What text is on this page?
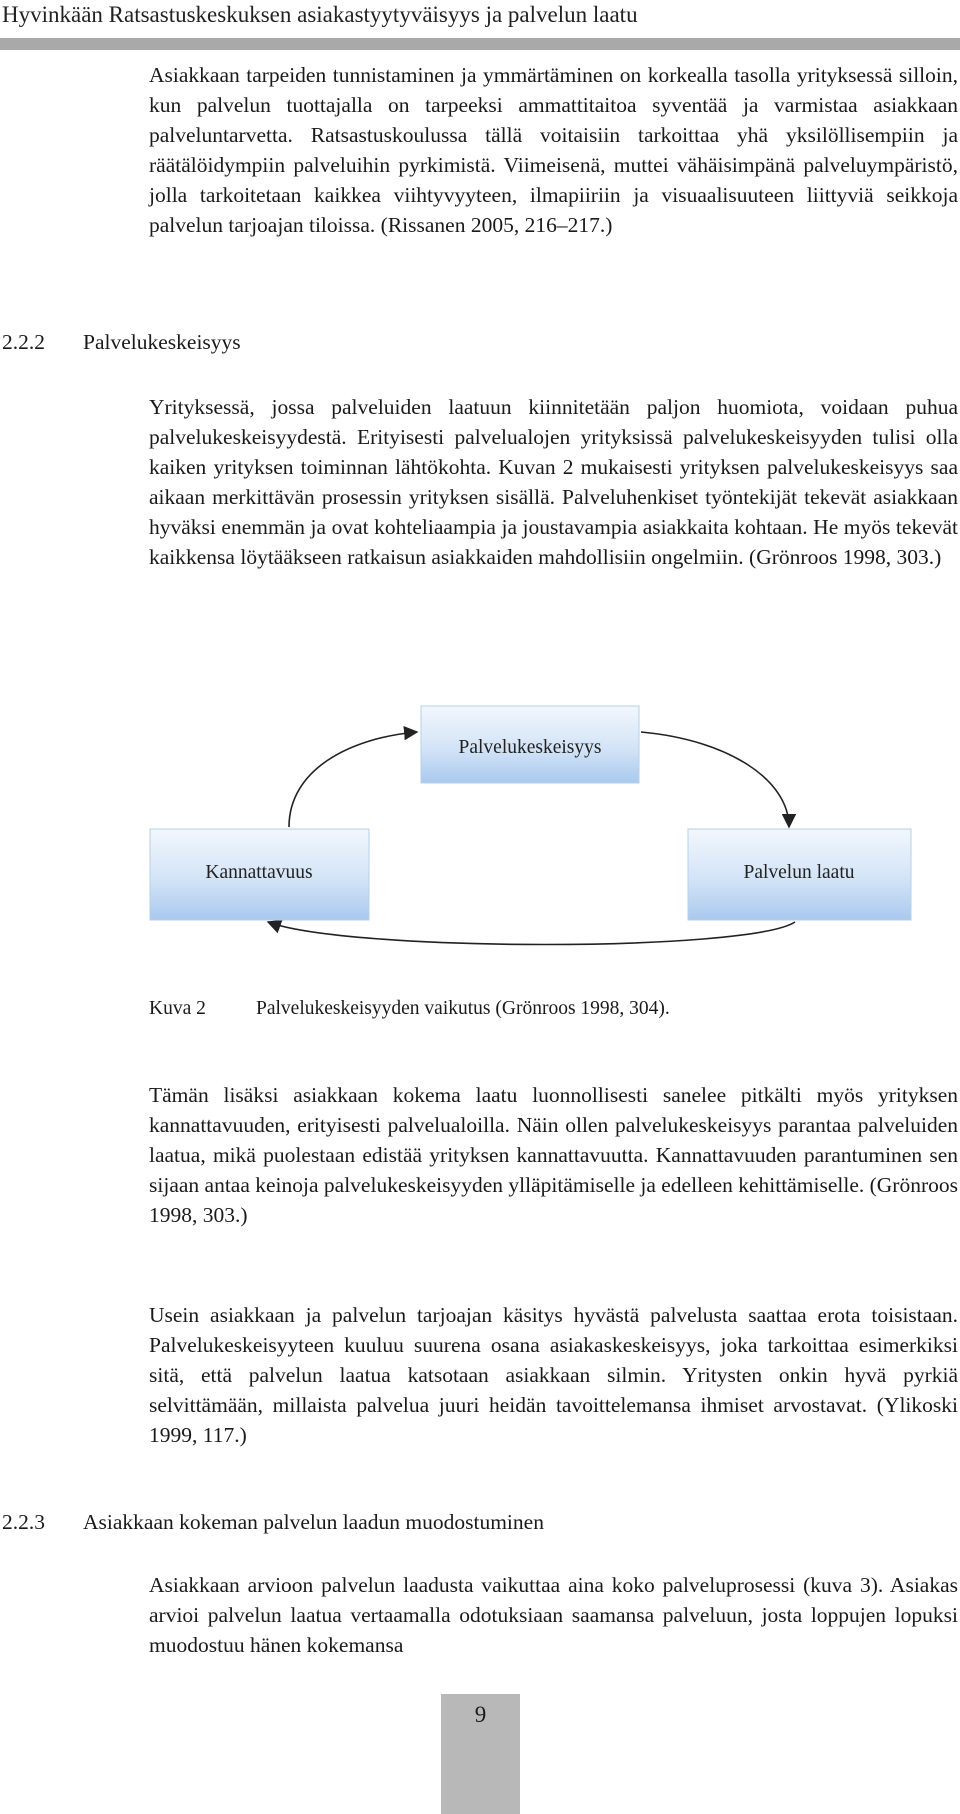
Hyvinkään Ratsastuskeskuksen asiakastyytyväisyys ja palvelun laatu

Asiakkaan tarpeiden tunnistaminen ja ymmärtäminen on korkealla tasolla yrityksessä silloin, kun palvelun tuottajalla on tarpeeksi ammattitaitoa syventää ja varmistaa asiakkaan palveluntarvetta. Ratsastuskoulussa tällä voitaisiin tarkoittaa yhä yksilöllisempiin ja räätälöidympiin palveluihin pyrkimistä. Viimeisenä, muttei vähäisimpänä palveluympäristö, jolla tarkoitetaan kaikkea viihtyvyyteen, ilmapiiriin ja visuaalisuuteen liittyviä seikkoja palvelun tarjoajan tiloissa. (Rissanen 2005, 216–217.)

2.2.2 Palvelukeskeisyys

Yrityksessä, jossa palveluiden laatuun kiinnitetään paljon huomiota, voidaan puhua palvelukeskeisyydestä. Erityisesti palvelualojen yrityksissä palvelukeskeisyyden tulisi olla kaiken yrityksen toiminnan lähtökohta. Kuvan 2 mukaisesti yrityksen palvelukeskeisyys saa aikaan merkittävän prosessin yrityksen sisällä. Palveluhenkiset työntekijät tekevät asiakkaan hyväksi enemmän ja ovat kohteliaampia ja joustavampia asiakkaita kohtaan. He myös tekevät kaikkensa löytääkseen ratkaisun asiakkaiden mahdollisiin ongelmiin. (Grönroos 1998, 303.)

Palvelukeskeisyys
Kannattavuus	Palvelun laatu
Kuva 2	Palvelukeskeisyyden vaikutus (Grönroos 1998, 304).

Tämän lisäksi asiakkaan kokema laatu luonnollisesti sanelee pitkälti myös yrityksen kannattavuuden, erityisesti palvelualoilla. Näin ollen palvelukeskeisyys parantaa palveluiden laatua, mikä puolestaan edistää yrityksen kannattavuutta. Kannattavuuden parantuminen sen sijaan antaa keinoja palvelukeskeisyyden ylläpitämiselle ja edelleen kehittämiselle. (Grönroos 1998, 303.)

Usein asiakkaan ja palvelun tarjoajan käsitys hyvästä palvelusta saattaa erota toisistaan. Palvelukeskeisyyteen kuuluu suurena osana asiakaskeskeisyys, joka tarkoittaa esimerkiksi sitä, että palvelun laatua katsotaan asiakkaan silmin. Yritysten onkin hyvä pyrkiä selvittämään, millaista palvelua juuri heidän tavoittelemansa ihmiset arvostavat. (Ylikoski 1999, 117.)

2.2.3 Asiakkaan kokeman palvelun laadun muodostuminen

Asiakkaan arvioon palvelun laadusta vaikuttaa aina koko palveluprosessi (kuva 3). Asiakas arvioi palvelun laatua vertaamalla odotuksiaan saamansa palveluun, josta loppujen lopuksi muodostuu hänen kokemansa

9
